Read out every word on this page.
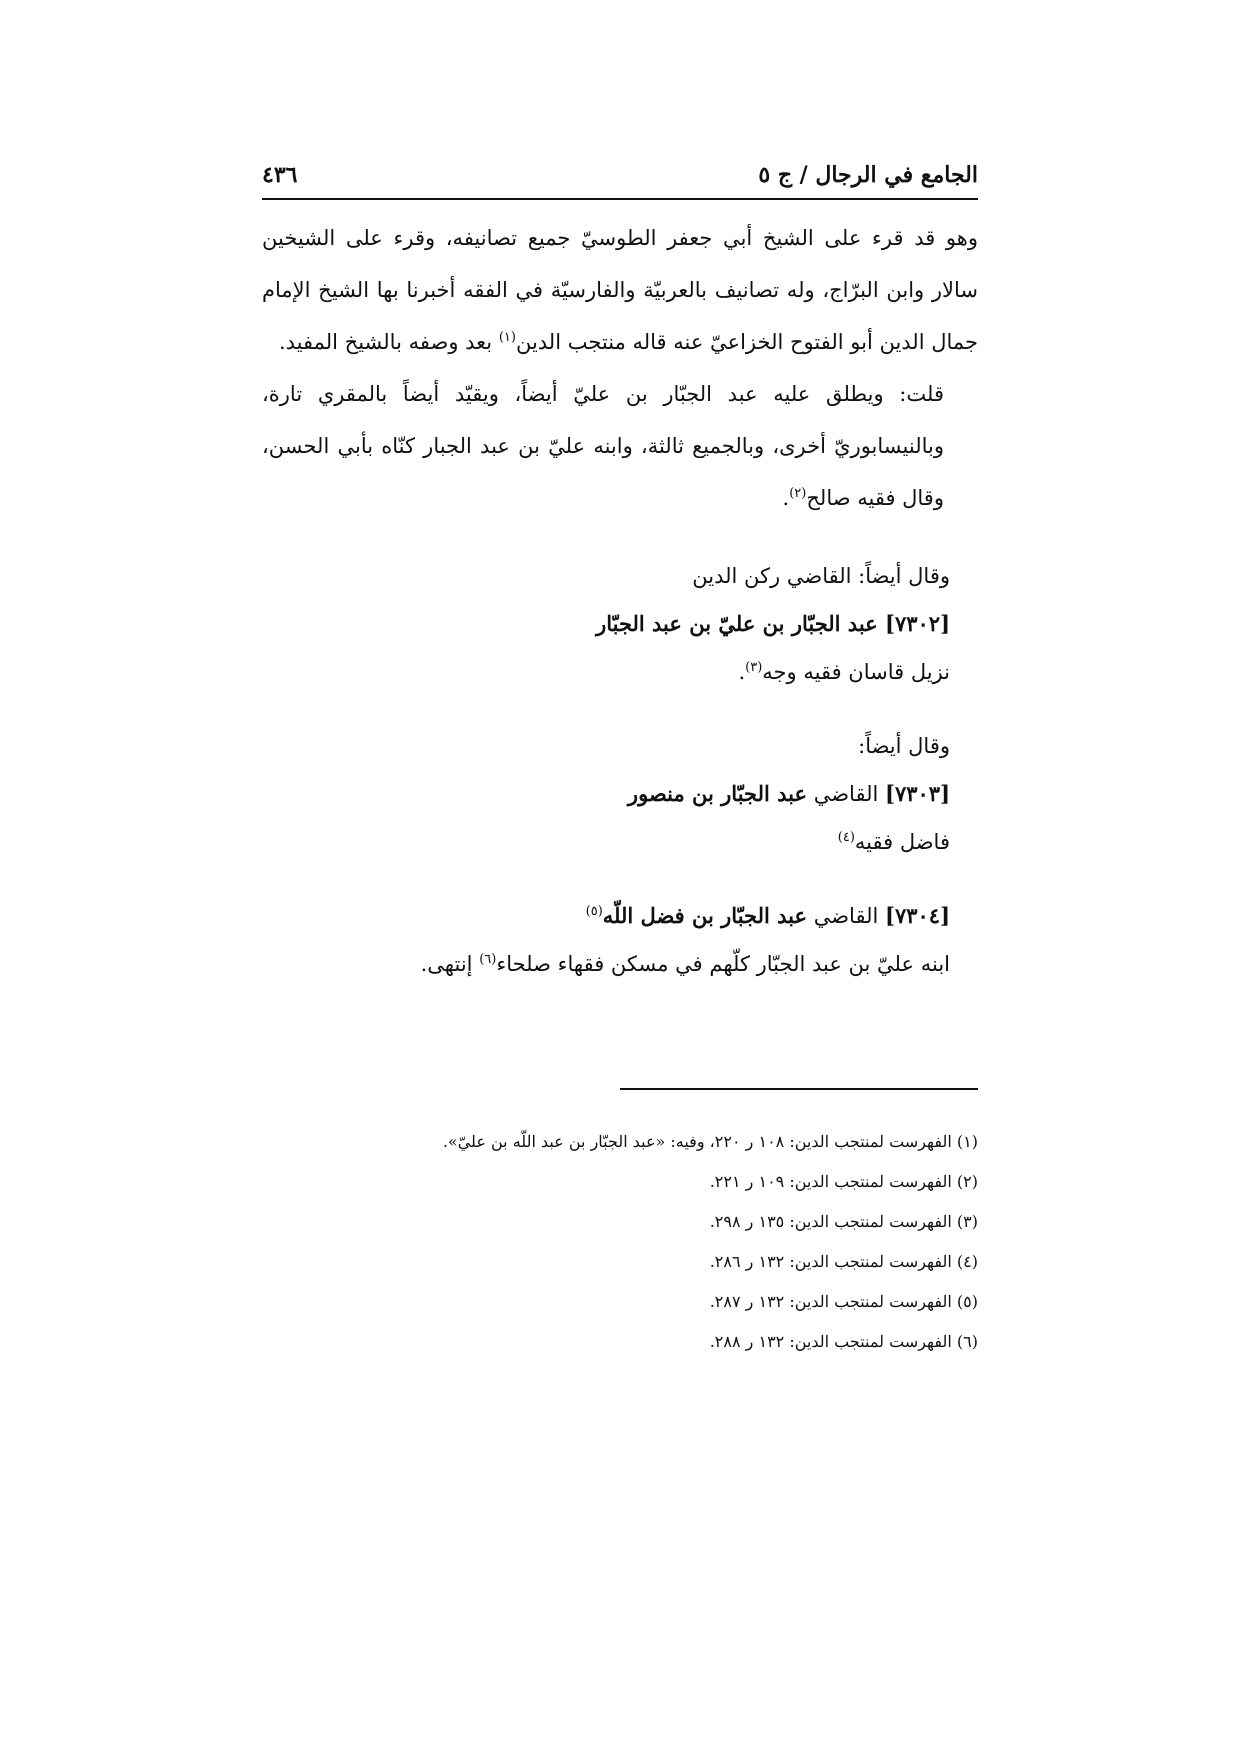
الجامع في الرجال / ج ٥
٤٣٦

وهو قد قرء على الشيخ أبي جعفر الطوسيّ جميع تصانيفه، وقرء على الشيخين سالار وابن البرّاج، وله تصانيف بالعربيّة والفارسيّة في الفقه أخبرنا بها الشيخ الإمام جمال الدين أبو الفتوح الخزاعيّ عنه قاله منتجب الدين$^{(١)}$ بعد وصفه بالشيخ المفيد.

قلت: ويطلق عليه عبد الجبّار بن عليّ أيضاً، ويقيّد أيضاً بالمقري تارة، وبالنيسابوريّ أخرى، وبالجميع ثالثة، وابنه عليّ بن عبد الجبار كنّاه بأبي الحسن، وقال فقيه صالح$^{(٢)}$.

وقال أيضاً: القاضي ركن الدين
[٧٣٠٢] عبد الجبّار بن عليّ بن عبد الجبّار
نزيل قاسان فقيه وجه$^{(٣)}$.
وقال أيضاً:
[٧٣٠٣] القاضي عبد الجبّار بن منصور
فاضل فقيه$^{(٤)}$
[٧٣٠٤] القاضي عبد الجبّار بن فضل اللّه$^{(٥)}$
ابنه عليّ بن عبد الجبّار كلّهم في مسكن فقهاء صلحاء$^{(٦)}$ إنتهى.
(١) الفهرست لمنتجب الدين: ١٠٨ ر ٢٢٠، وفيه: «عبد الجبّار بن عبد اللّه بن عليّ».
(٢) الفهرست لمنتجب الدين: ١٠٩ ر ٢٢١.
(٣) الفهرست لمنتجب الدين: ١٣٥ ر ٢٩٨.
(٤) الفهرست لمنتجب الدين: ١٣٢ ر ٢٨٦.
(٥) الفهرست لمنتجب الدين: ١٣٢ ر ٢٨٧.
(٦) الفهرست لمنتجب الدين: ١٣٢ ر ٢٨٨.
